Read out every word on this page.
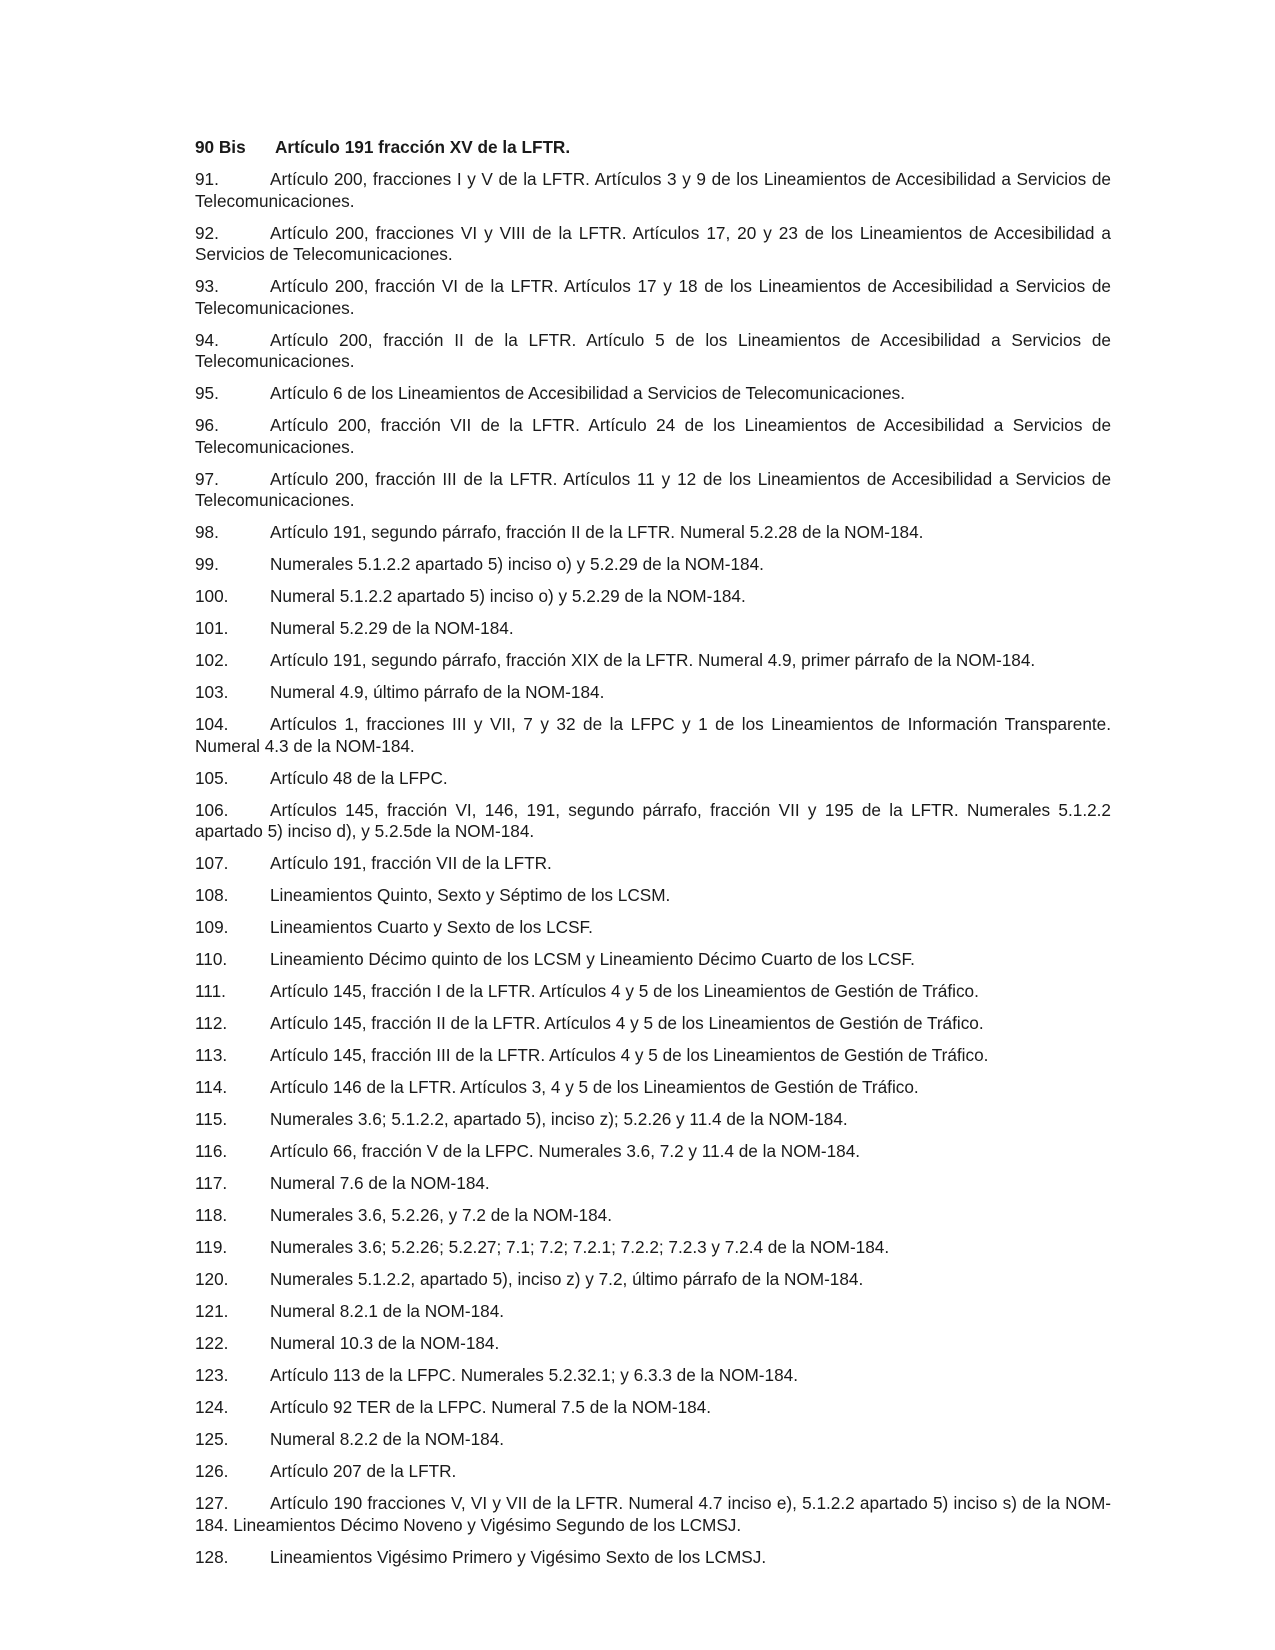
90 Bis Artículo 191 fracción XV de la LFTR.

91.	Artículo 200, fracciones I y V de la LFTR. Artículos 3 y 9 de los Lineamientos de Accesibilidad a Servicios de Telecomunicaciones.

92.	Artículo 200, fracciones VI y VIII de la LFTR. Artículos 17, 20 y 23 de los Lineamientos de Accesibilidad a Servicios de Telecomunicaciones.

93.	Artículo 200, fracción VI de la LFTR. Artículos 17 y 18 de los Lineamientos de Accesibilidad a Servicios de Telecomunicaciones.

94.	Artículo 200, fracción II de la LFTR. Artículo 5 de los Lineamientos de Accesibilidad a Servicios de Telecomunicaciones.

95.	Artículo 6 de los Lineamientos de Accesibilidad a Servicios de Telecomunicaciones.

96.	Artículo 200, fracción VII de la LFTR. Artículo 24 de los Lineamientos de Accesibilidad a Servicios de Telecomunicaciones.

97.	Artículo 200, fracción III de la LFTR. Artículos 11 y 12 de los Lineamientos de Accesibilidad a Servicios de Telecomunicaciones.

98.	Artículo 191, segundo párrafo, fracción II de la LFTR. Numeral 5.2.28 de la NOM-184.

99.	Numerales 5.1.2.2 apartado 5) inciso o) y 5.2.29 de la NOM-184.

100. Numeral 5.1.2.2 apartado 5) inciso o) y 5.2.29 de la NOM-184.

101. Numeral 5.2.29 de la NOM-184.

102. Artículo 191, segundo párrafo, fracción XIX de la LFTR. Numeral 4.9, primer párrafo de la NOM-184.

103. Numeral 4.9, último párrafo de la NOM-184.

104. Artículos 1, fracciones III y VII, 7 y 32 de la LFPC y 1 de los Lineamientos de Información Transparente. Numeral 4.3 de la NOM-184.

105. Artículo 48 de la LFPC.

106. Artículos 145, fracción VI, 146, 191, segundo párrafo, fracción VII y 195 de la LFTR. Numerales 5.1.2.2 apartado 5) inciso d), y 5.2.5de la NOM-184.

107. Artículo 191, fracción VII de la LFTR.

108. Lineamientos Quinto, Sexto y Séptimo de los LCSM.

109. Lineamientos Cuarto y Sexto de los LCSF.

110. Lineamiento Décimo quinto de los LCSM y Lineamiento Décimo Cuarto de los LCSF.

111.	Artículo 145, fracción I de la LFTR. Artículos 4 y 5 de los Lineamientos de Gestión de Tráfico.

112. Artículo 145, fracción II de la LFTR. Artículos 4 y 5 de los Lineamientos de Gestión de Tráfico.

113. Artículo 145, fracción III de la LFTR. Artículos 4 y 5 de los Lineamientos de Gestión de Tráfico.

114. Artículo 146 de la LFTR. Artículos 3, 4 y 5 de los Lineamientos de Gestión de Tráfico.

115. Numerales 3.6; 5.1.2.2, apartado 5), inciso z); 5.2.26 y 11.4 de la NOM-184.

116. Artículo 66, fracción V de la LFPC. Numerales 3.6, 7.2 y 11.4 de la NOM-184.

117. Numeral 7.6 de la NOM-184.

118. Numerales 3.6, 5.2.26, y 7.2 de la NOM-184.

119. Numerales 3.6; 5.2.26; 5.2.27; 7.1; 7.2; 7.2.1; 7.2.2; 7.2.3 y 7.2.4 de la NOM-184.

120. Numerales 5.1.2.2, apartado 5), inciso z) y 7.2, último párrafo de la NOM-184.

121. Numeral 8.2.1 de la NOM-184.

122. Numeral 10.3 de la NOM-184.

123. Artículo 113 de la LFPC. Numerales 5.2.32.1; y 6.3.3 de la NOM-184.

124. Artículo 92 TER de la LFPC. Numeral 7.5 de la NOM-184.

125. Numeral 8.2.2 de la NOM-184.

126. Artículo 207 de la LFTR.

127. Artículo 190 fracciones V, VI y VII de la LFTR. Numeral 4.7 inciso e), 5.1.2.2 apartado 5) inciso s) de la NOM-184. Lineamientos Décimo Noveno y Vigésimo Segundo de los LCMSJ.

128. Lineamientos Vigésimo Primero y Vigésimo Sexto de los LCMSJ.
